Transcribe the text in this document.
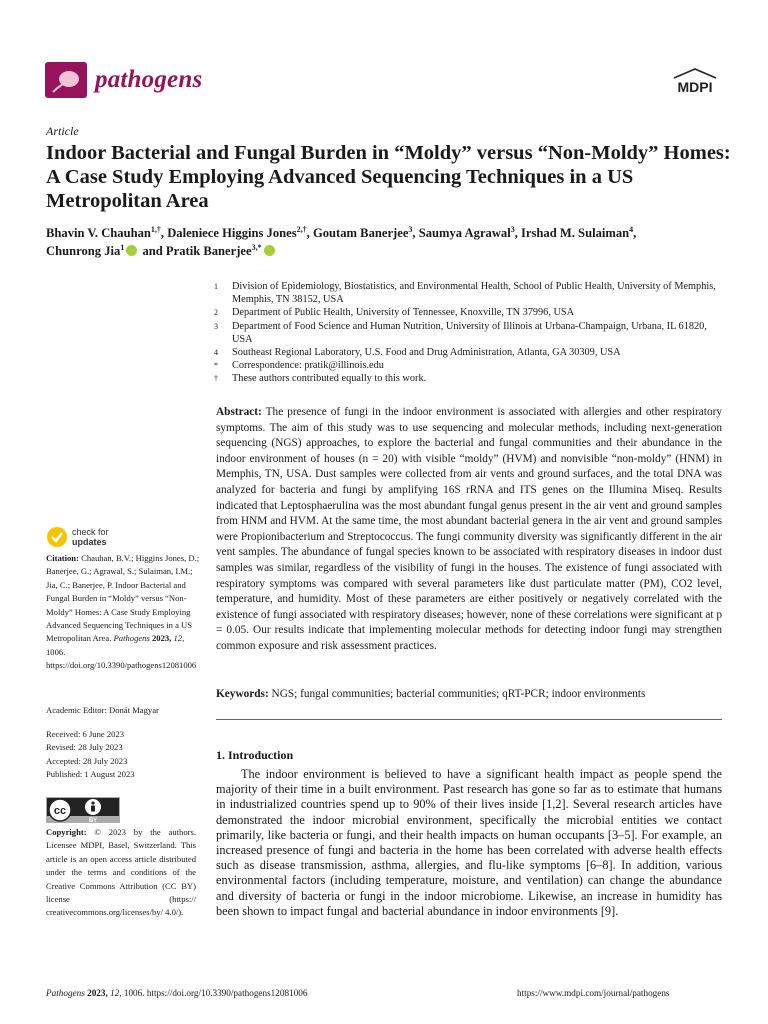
pathogens	MDPI
Article
Indoor Bacterial and Fungal Burden in “Moldy” versus “Non-Moldy” Homes: A Case Study Employing Advanced Sequencing Techniques in a US Metropolitan Area
Bhavin V. Chauhan$^{1,\dagger}$, Daleniece Higgins Jones$^{2,\dagger}$, Goutam Banerjee$^3$, Saumya Agrawal$^3$, Irshad M. Sulaiman$^4$,
Chunrong Jia$^1$ and Pratik Banerjee$^{3,*}$
1	Division of Epidemiology, Biostatistics, and Environmental Health, School of Public Health, University of Memphis, Memphis, TN 38152, USA
2	Department of Public Health, University of Tennessee, Knoxville, TN 37996, USA
3	Department of Food Science and Human Nutrition, University of Illinois at Urbana-Champaign, Urbana, IL 61820, USA
4	Southeast Regional Laboratory, U.S. Food and Drug Administration, Atlanta, GA 30309, USA
*	Correspondence: pratik@illinois.edu
†	These authors contributed equally to this work.
Abstract: The presence of fungi in the indoor environment is associated with allergies and other respiratory symptoms. The aim of this study was to use sequencing and molecular methods, including next-generation sequencing (NGS) approaches, to explore the bacterial and fungal communities and their abundance in the indoor environment of houses (n = 20) with visible “moldy” (HVM) and nonvisible “non-moldy” (HNM) in Memphis, TN, USA. Dust samples were collected from air vents and ground surfaces, and the total DNA was analyzed for bacteria and fungi by amplifying 16S rRNA and ITS genes on the Illumina Miseq. Results indicated that Leptosphaerulina was the most abundant fungal genus present in the air vent and ground samples from HNM and HVM. At the same time, the most abundant bacterial genera in the air vent and ground samples were Propionibacterium and Streptococcus. The fungi community diversity was significantly different in the air vent samples. The abundance of fungal species known to be associated with respiratory diseases in indoor dust samples was similar, regardless of the visibility of fungi in the houses. The existence of fungi associated with respiratory symptoms was compared with several parameters like dust particulate matter (PM), CO2 level, temperature, and humidity. Most of these parameters are either positively or negatively correlated with the existence of fungi associated with respiratory diseases; however, none of these correlations were significant at p = 0.05. Our results indicate that implementing molecular methods for detecting indoor fungi may strengthen common exposure and risk assessment practices.
Keywords: NGS; fungal communities; bacterial communities; qRT-PCR; indoor environments
check for
updates
Citation: Chauhan, B.V.; Higgins Jones, D.; Banerjee, G.; Agrawal, S.; Sulaiman, I.M.; Jia, C.; Banerjee, P. Indoor Bacterial and Fungal Burden in “Moldy” versus “Non-Moldy” Homes: A Case Study Employing Advanced Sequencing Techniques in a US Metropolitan Area. Pathogens 2023, 12, 1006. https://doi.org/10.3390/pathogens12081006
Academic Editor: Donát Magyar
Received: 6 June 2023
Revised: 28 July 2023
Accepted: 28 July 2023
Published: 1 August 2023
cc
BY
Copyright: © 2023 by the authors. Licensee MDPI, Basel, Switzerland. This article is an open access article distributed under the terms and conditions of the Creative Commons Attribution (CC BY) license (https:// creativecommons.org/licenses/by/ 4.0/).
1. Introduction
The indoor environment is believed to have a significant health impact as people spend the majority of their time in a built environment. Past research has gone so far as to estimate that humans in industrialized countries spend up to 90% of their lives inside [1,2]. Several research articles have demonstrated the indoor microbial environment, specifically the microbial entities we contact primarily, like bacteria or fungi, and their health impacts on human occupants [3–5]. For example, an increased presence of fungi and bacteria in the home has been correlated with adverse health effects such as disease transmission, asthma, allergies, and flu-like symptoms [6–8]. In addition, various environmental factors (including temperature, moisture, and ventilation) can change the abundance and diversity of bacteria or fungi in the indoor microbiome. Likewise, an increase in humidity has been shown to impact fungal and bacterial abundance in indoor environments [9].
Pathogens 2023, 12, 1006. https://doi.org/10.3390/pathogens12081006	https://www.mdpi.com/journal/pathogens
